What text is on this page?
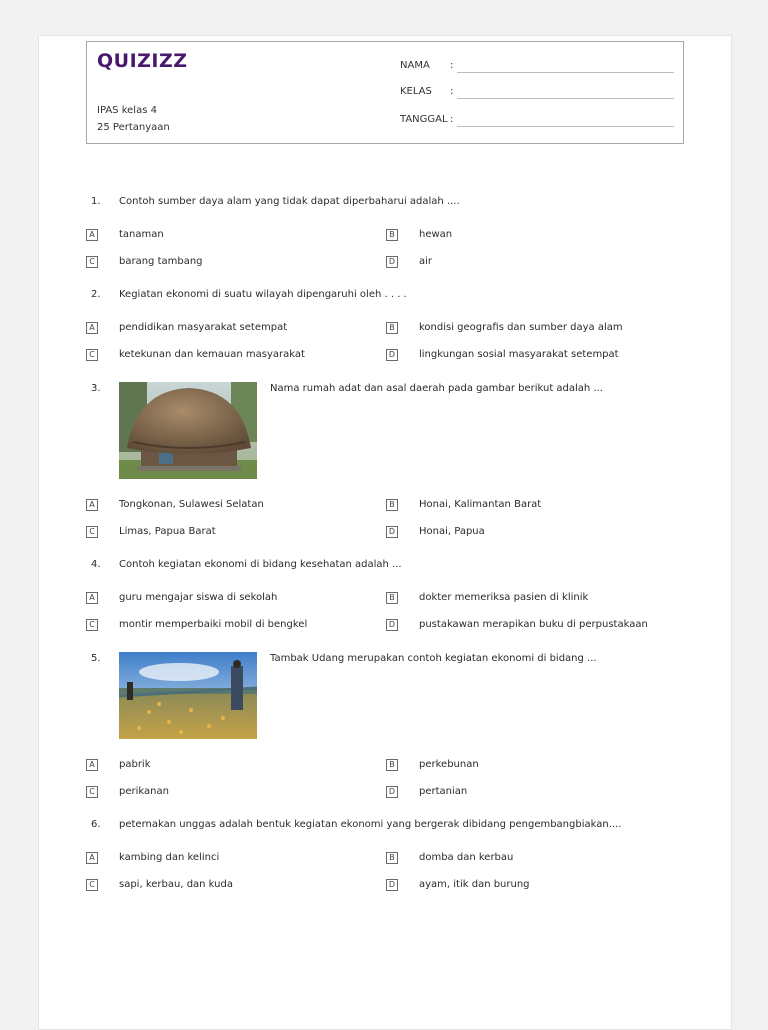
QUIZIZZ
IPAS kelas 4
25 Pertanyaan
NAMA :
KELAS :
TANGGAL :
1. Contoh sumber daya alam yang tidak dapat diperbaharui adalah ....
A	tanaman	B	hewan
C	barang tambang	D air
2. Kegiatan ekonomi di suatu wilayah dipengaruhi oleh . . . .
A	pendidikan masyarakat setempat	B	kondisi geografis dan sumber daya alam
C	ketekunan dan kemauan masyarakat	D lingkungan sosial masyarakat setempat
3.	Nama rumah adat dan asal daerah pada gambar berikut adalah ...
A	Tongkonan, Sulawesi Selatan	B	Honai, Kalimantan Barat
C	Limas, Papua Barat	D Honai, Papua
4. Contoh kegiatan ekonomi di bidang kesehatan adalah ...
A	guru mengajar siswa di sekolah	B	dokter memeriksa pasien di klinik
C	montir memperbaiki mobil di bengkel	D pustakawan merapikan buku di perpustakaan
5.	Tambak Udang merupakan contoh kegiatan ekonomi di bidang ...
A	pabrik	B	perkebunan
C	perikanan	D pertanian
6. peternakan unggas adalah bentuk kegiatan ekonomi yang bergerak dibidang pengembangbiakan....
A	kambing dan kelinci	B	domba dan kerbau
C	sapi, kerbau, dan kuda	D ayam, itik dan burung
